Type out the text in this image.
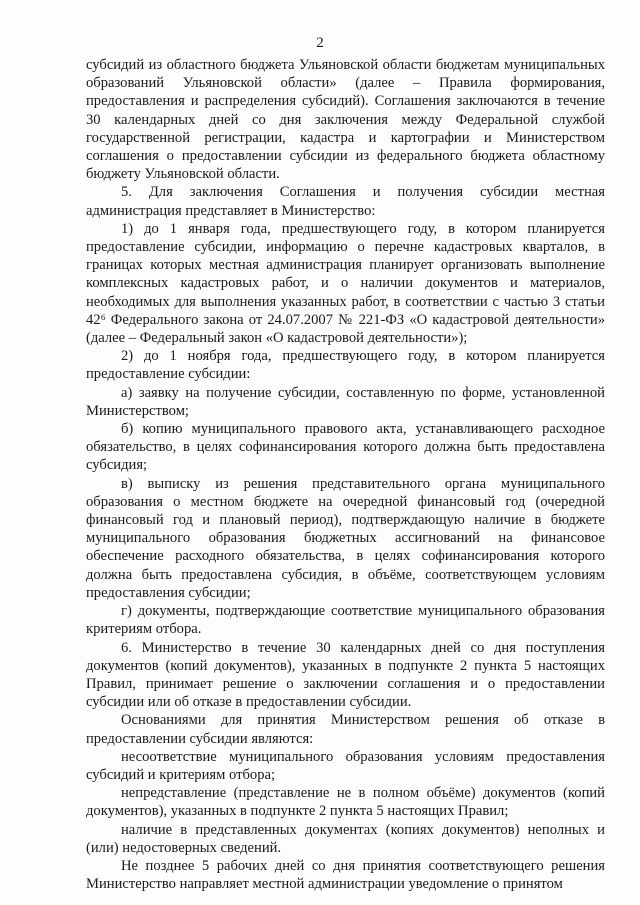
2

субсидий из областного бюджета Ульяновской области бюджетам муниципальных образований Ульяновской области» (далее – Правила формирования, предоставления и распределения субсидий). Соглашения заключаются в течение 30 календарных дней со дня заключения между Федеральной службой государственной регистрации, кадастра и картографии и Министерством соглашения о предоставлении субсидии из федерального бюджета областному бюджету Ульяновской области.

5. Для заключения Соглашения и получения субсидии местная администрация представляет в Министерство:

1) до 1 января года, предшествующего году, в котором планируется предоставление субсидии, информацию о перечне кадастровых кварталов, в границах которых местная администрация планирует организовать выполнение комплексных кадастровых работ, и о наличии документов и материалов, необходимых для выполнения указанных работ, в соответствии с частью 3 статьи 42⁶ Федерального закона от 24.07.2007 № 221-ФЗ «О кадастровой деятельности» (далее – Федеральный закон «О кадастровой деятельности»);

2) до 1 ноября года, предшествующего году, в котором планируется предоставление субсидии:

а) заявку на получение субсидии, составленную по форме, установленной Министерством;

б) копию муниципального правового акта, устанавливающего расходное обязательство, в целях софинансирования которого должна быть предоставлена субсидия;

в) выписку из решения представительного органа муниципального образования о местном бюджете на очередной финансовый год (очередной финансовый год и плановый период), подтверждающую наличие в бюджете муниципального образования бюджетных ассигнований на финансовое обеспечение расходного обязательства, в целях софинансирования которого должна быть предоставлена субсидия, в объёме, соответствующем условиям предоставления субсидии;

г) документы, подтверждающие соответствие муниципального образования критериям отбора.

6. Министерство в течение 30 календарных дней со дня поступления документов (копий документов), указанных в подпункте 2 пункта 5 настоящих Правил, принимает решение о заключении соглашения и о предоставлении субсидии или об отказе в предоставлении субсидии.

Основаниями для принятия Министерством решения об отказе в предоставлении субсидии являются:

несоответствие муниципального образования условиям предоставления субсидий и критериям отбора;

непредставление (представление не в полном объёме) документов (копий документов), указанных в подпункте 2 пункта 5 настоящих Правил;

наличие в представленных документах (копиях документов) неполных и (или) недостоверных сведений.

Не позднее 5 рабочих дней со дня принятия соответствующего решения Министерство направляет местной администрации уведомление о принятом
